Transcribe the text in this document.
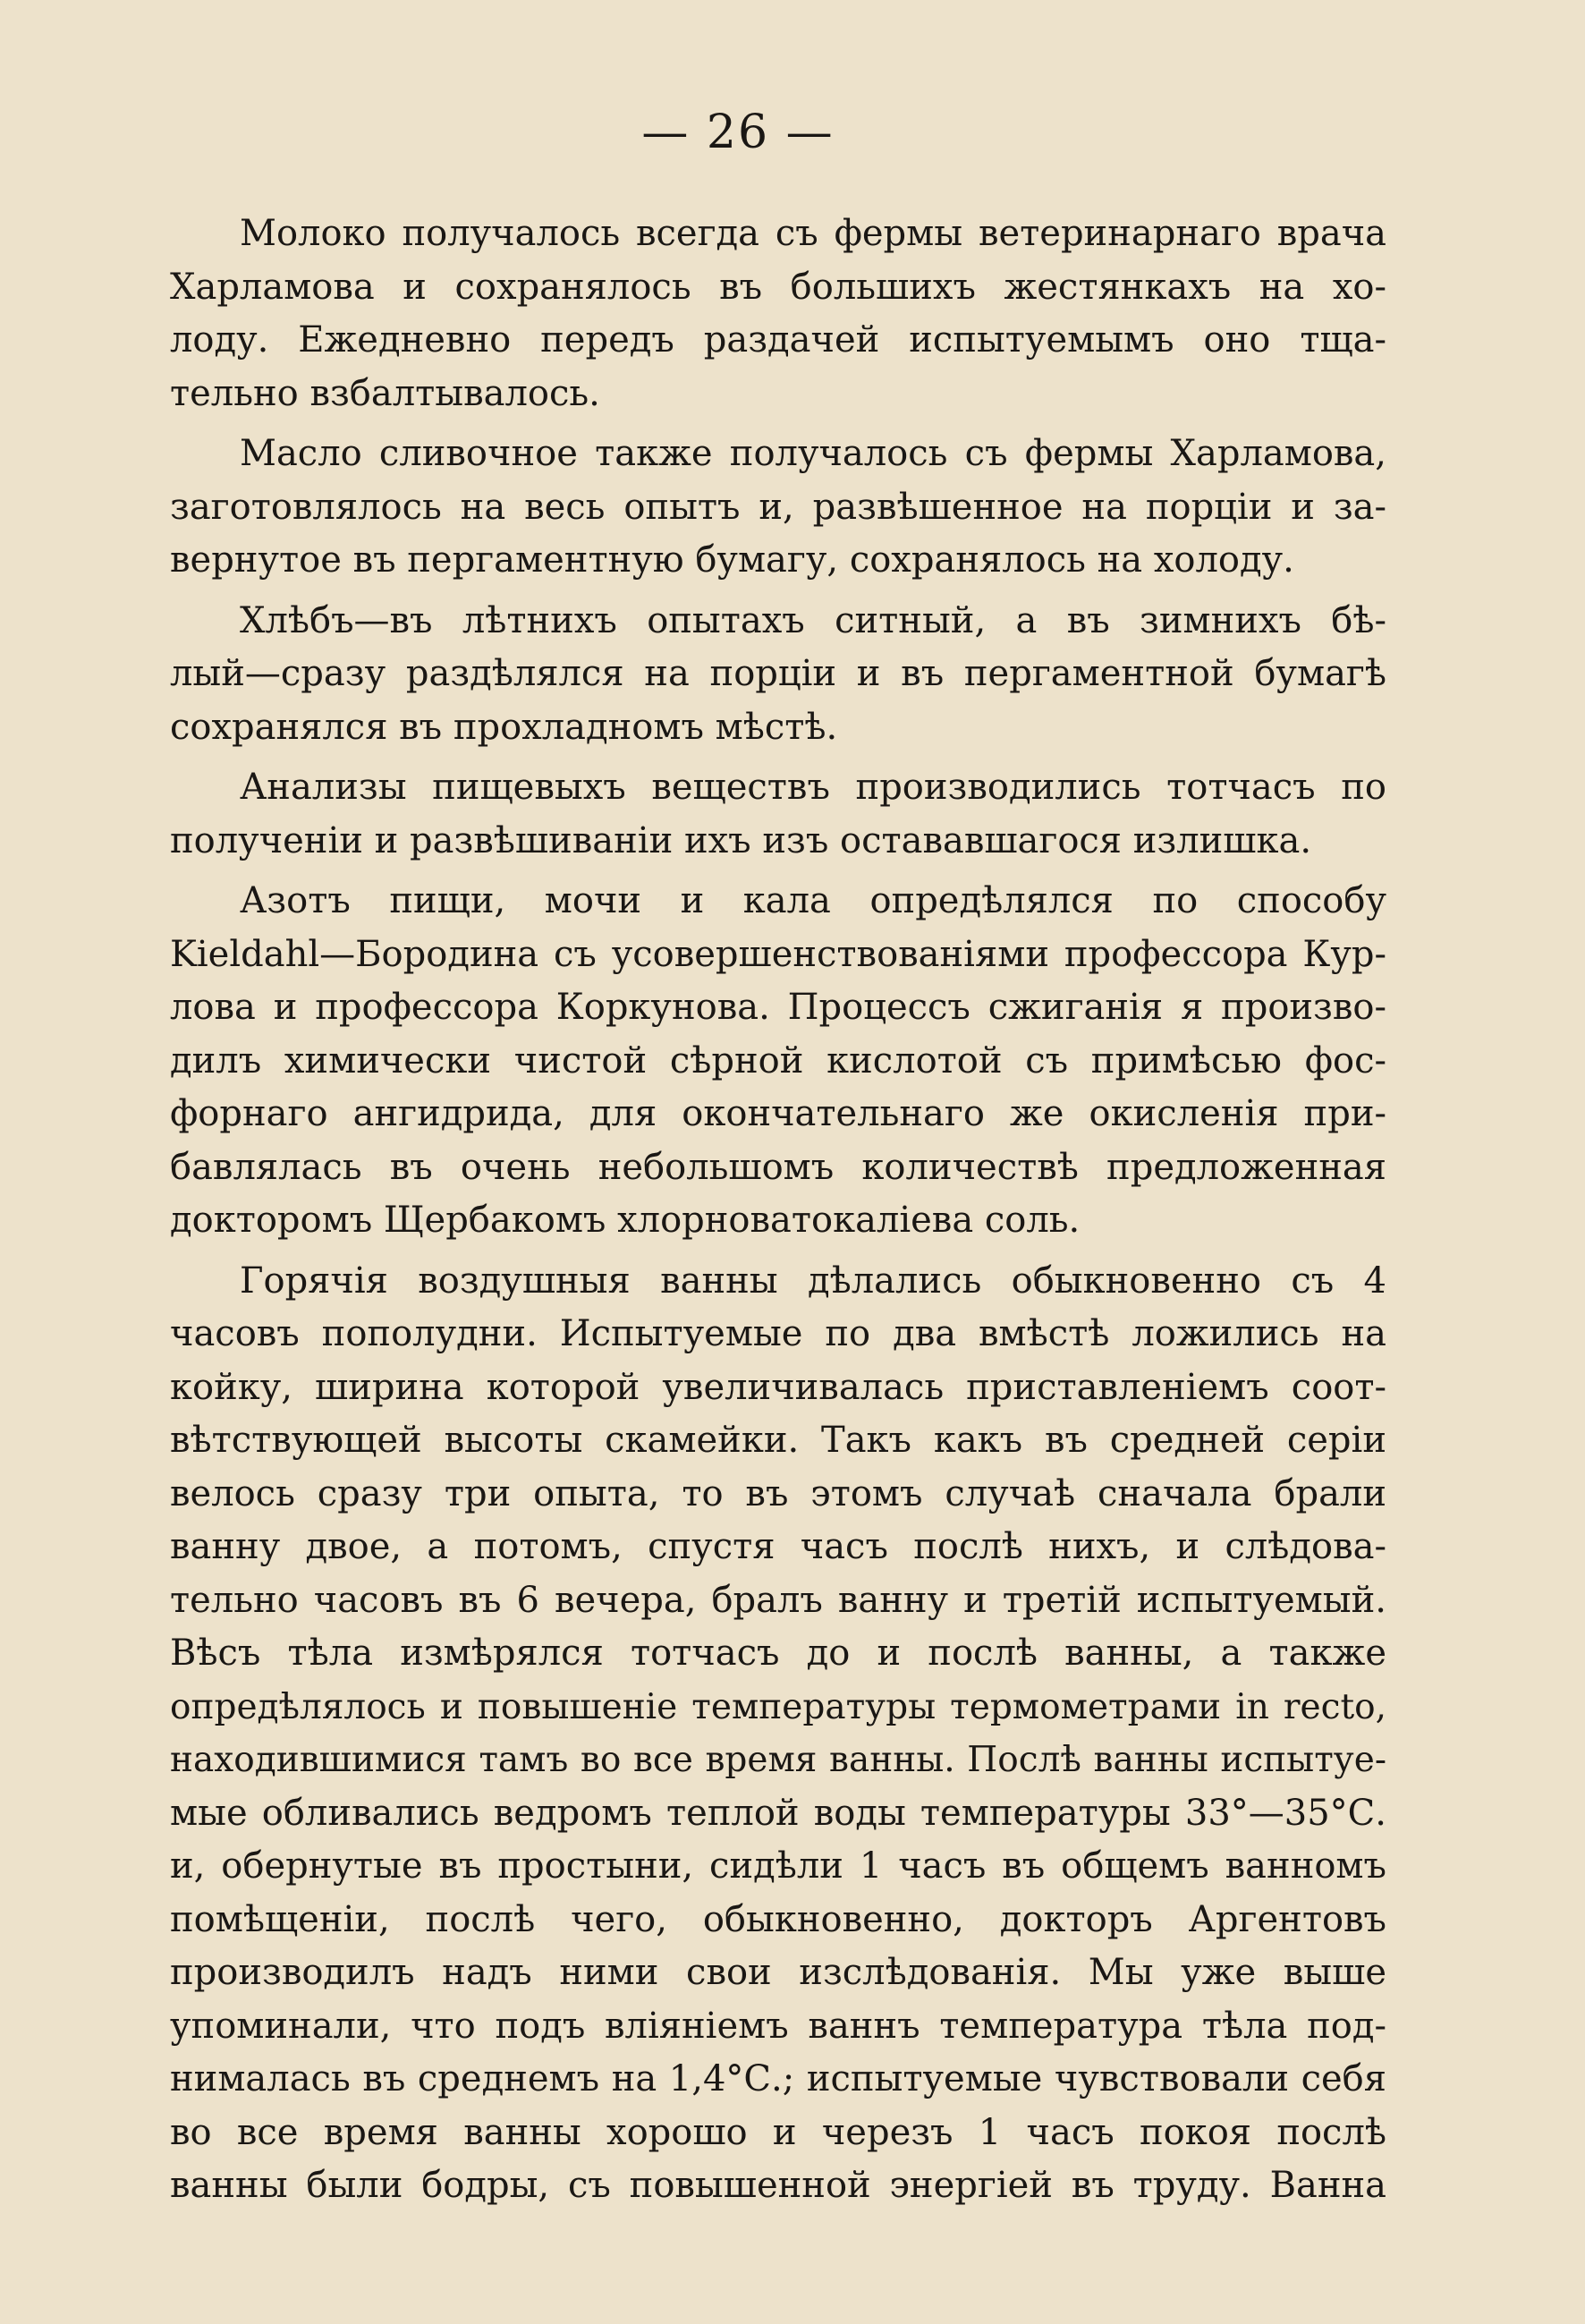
— 26 —

Молоко получалось всегда съ фермы ветеринарнаго врача
Харламова и сохранялось въ большихъ жестянкахъ на хо-
лоду. Ежедневно передъ раздачей испытуемымъ оно тща-
тельно взбалтывалось.

Масло сливочное также получалось съ фермы Харламова,
заготовлялось на весь опытъ и, развѣшенное на порціи и за-
вернутое въ пергаментную бумагу, сохранялось на холоду.

Хлѣбъ—въ лѣтнихъ опытахъ ситный, а въ зимнихъ бѣ-
лый—сразу раздѣлялся на порціи и въ пергаментной бумагѣ
сохранялся въ прохладномъ мѣстѣ.

Анализы пищевыхъ веществъ производились тотчасъ по
полученіи и развѣшиваніи ихъ изъ остававшагося излишка.

Азотъ пищи, мочи и кала опредѣлялся по способу
Kieldahl—Бородина съ усовершенствованіями профессора Кур-
лова и профессора Коркунова. Процессъ сжиганія я произво-
дилъ химически чистой сѣрной кислотой съ примѣсью фос-
форнаго ангидрида, для окончательнаго же окисленія при-
бавлялась въ очень небольшомъ количествѣ предложенная
докторомъ Щербакомъ хлорноватокаліева соль.

Горячія воздушныя ванны дѣлались обыкновенно съ 4
часовъ пополудни. Испытуемые по два вмѣстѣ ложились на
койку, ширина которой увеличивалась приставленіемъ соот-
вѣтствующей высоты скамейки. Такъ какъ въ средней серіи
велось сразу три опыта, то въ этомъ случаѣ сначала брали
ванну двое, а потомъ, спустя часъ послѣ нихъ, и слѣдова-
тельно часовъ въ 6 вечера, бралъ ванну и третій испытуемый.
Вѣсъ тѣла измѣрялся тотчасъ до и послѣ ванны, а также
опредѣлялось и повышеніе температуры термометрами in recto,
находившимися тамъ во все время ванны. Послѣ ванны испытуе-
мые обливались ведромъ теплой воды температуры 33°—35°С.
и, обернутые въ простыни, сидѣли 1 часъ въ общемъ ванномъ
помѣщеніи, послѣ чего, обыкновенно, докторъ Аргентовъ
производилъ надъ ними свои изслѣдованія. Мы уже выше
упоминали, что подъ вліяніемъ ваннъ температура тѣла под-
нималась въ среднемъ на 1,4°С.; испытуемые чувствовали себя
во все время ванны хорошо и черезъ 1 часъ покоя послѣ
ванны были бодры, съ повышенной энергіей въ труду. Ванна
